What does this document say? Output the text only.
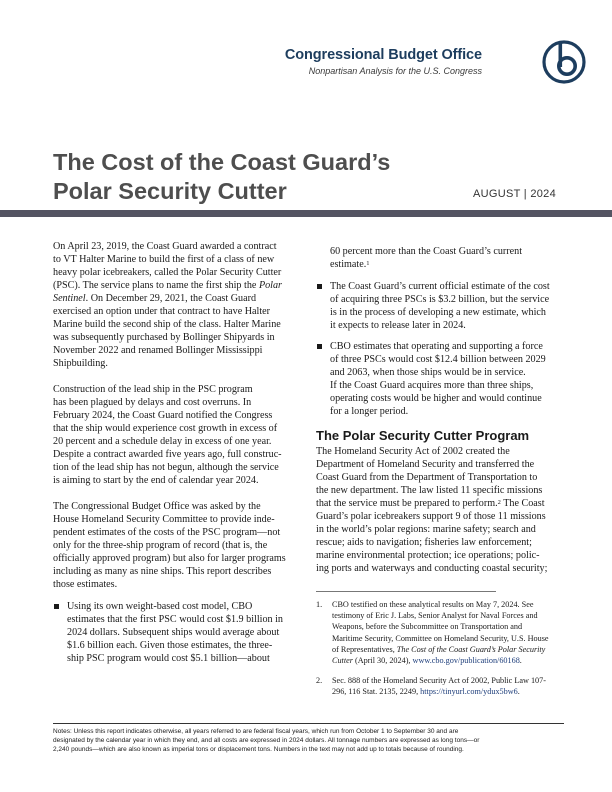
Congressional Budget Office
Nonpartisan Analysis for the U.S. Congress
The Cost of the Coast Guard’s
Polar Security Cutter	AUGUST | 2024
On April 23, 2019, the Coast Guard awarded a contract
to VT Halter Marine to build the first of a class of new
heavy polar icebreakers, called the Polar Security Cutter
(PSC). The service plans to name the first ship the Polar
Sentinel. On December 29, 2021, the Coast Guard
exercised an option under that contract to have Halter
Marine build the second ship of the class. Halter Marine
was subsequently purchased by Bollinger Shipyards in
November 2022 and renamed Bollinger Mississippi
Shipbuilding.
Construction of the lead ship in the PSC program
has been plagued by delays and cost overruns. In
February 2024, the Coast Guard notified the Congress
that the ship would experience cost growth in excess of
20 percent and a schedule delay in excess of one year.
Despite a contract awarded five years ago, full construc-
tion of the lead ship has not begun, although the service
is aiming to start by the end of calendar year 2024.
The Congressional Budget Office was asked by the
House Homeland Security Committee to provide inde-
pendent estimates of the costs of the PSC program—not
only for the three-ship program of record (that is, the
officially approved program) but also for larger programs
including as many as nine ships. This report describes
those estimates.
Using its own weight-based cost model, CBO
estimates that the first PSC would cost $1.9 billion in
2024 dollars. Subsequent ships would average about
$1.6 billion each. Given those estimates, the three-
ship PSC program would cost $5.1 billion—about
60 percent more than the Coast Guard’s current
estimate.$^1$
The Coast Guard’s current official estimate of the cost
of acquiring three PSCs is $3.2 billion, but the service
is in the process of developing a new estimate, which
it expects to release later in 2024.
CBO estimates that operating and supporting a force
of three PSCs would cost $12.4 billion between 2029
and 2063, when those ships would be in service.
If the Coast Guard acquires more than three ships,
operating costs would be higher and would continue
for a longer period.
The Polar Security Cutter Program
The Homeland Security Act of 2002 created the
Department of Homeland Security and transferred the
Coast Guard from the Department of Transportation to
the new department. The law listed 11 specific missions
that the service must be prepared to perform.$^2$ The Coast
Guard’s polar icebreakers support 9 of those 11 missions
in the world’s polar regions: marine safety; search and
rescue; aids to navigation; fisheries law enforcement;
marine environmental protection; ice operations; polic-
ing ports and waterways and conducting coastal security;
1. CBO testified on these analytical results on May 7, 2024. See
testimony of Eric J. Labs, Senior Analyst for Naval Forces and
Weapons, before the Subcommittee on Transportation and
Maritime Security, Committee on Homeland Security, U.S. House
of Representatives, The Cost of the Coast Guard’s Polar Security
Cutter (April 30, 2024), www.cbo.gov/publication/60168.
2. Sec. 888 of the Homeland Security Act of 2002, Public Law 107-
296, 116 Stat. 2135, 2249, https://tinyurl.com/ydux5bw6.
Notes: Unless this report indicates otherwise, all years referred to are federal fiscal years, which run from October 1 to September 30 and are
designated by the calendar year in which they end, and all costs are expressed in 2024 dollars. All tonnage numbers are expressed as long tons—or
2,240 pounds—which are also known as imperial tons or displacement tons. Numbers in the text may not add up to totals because of rounding.
